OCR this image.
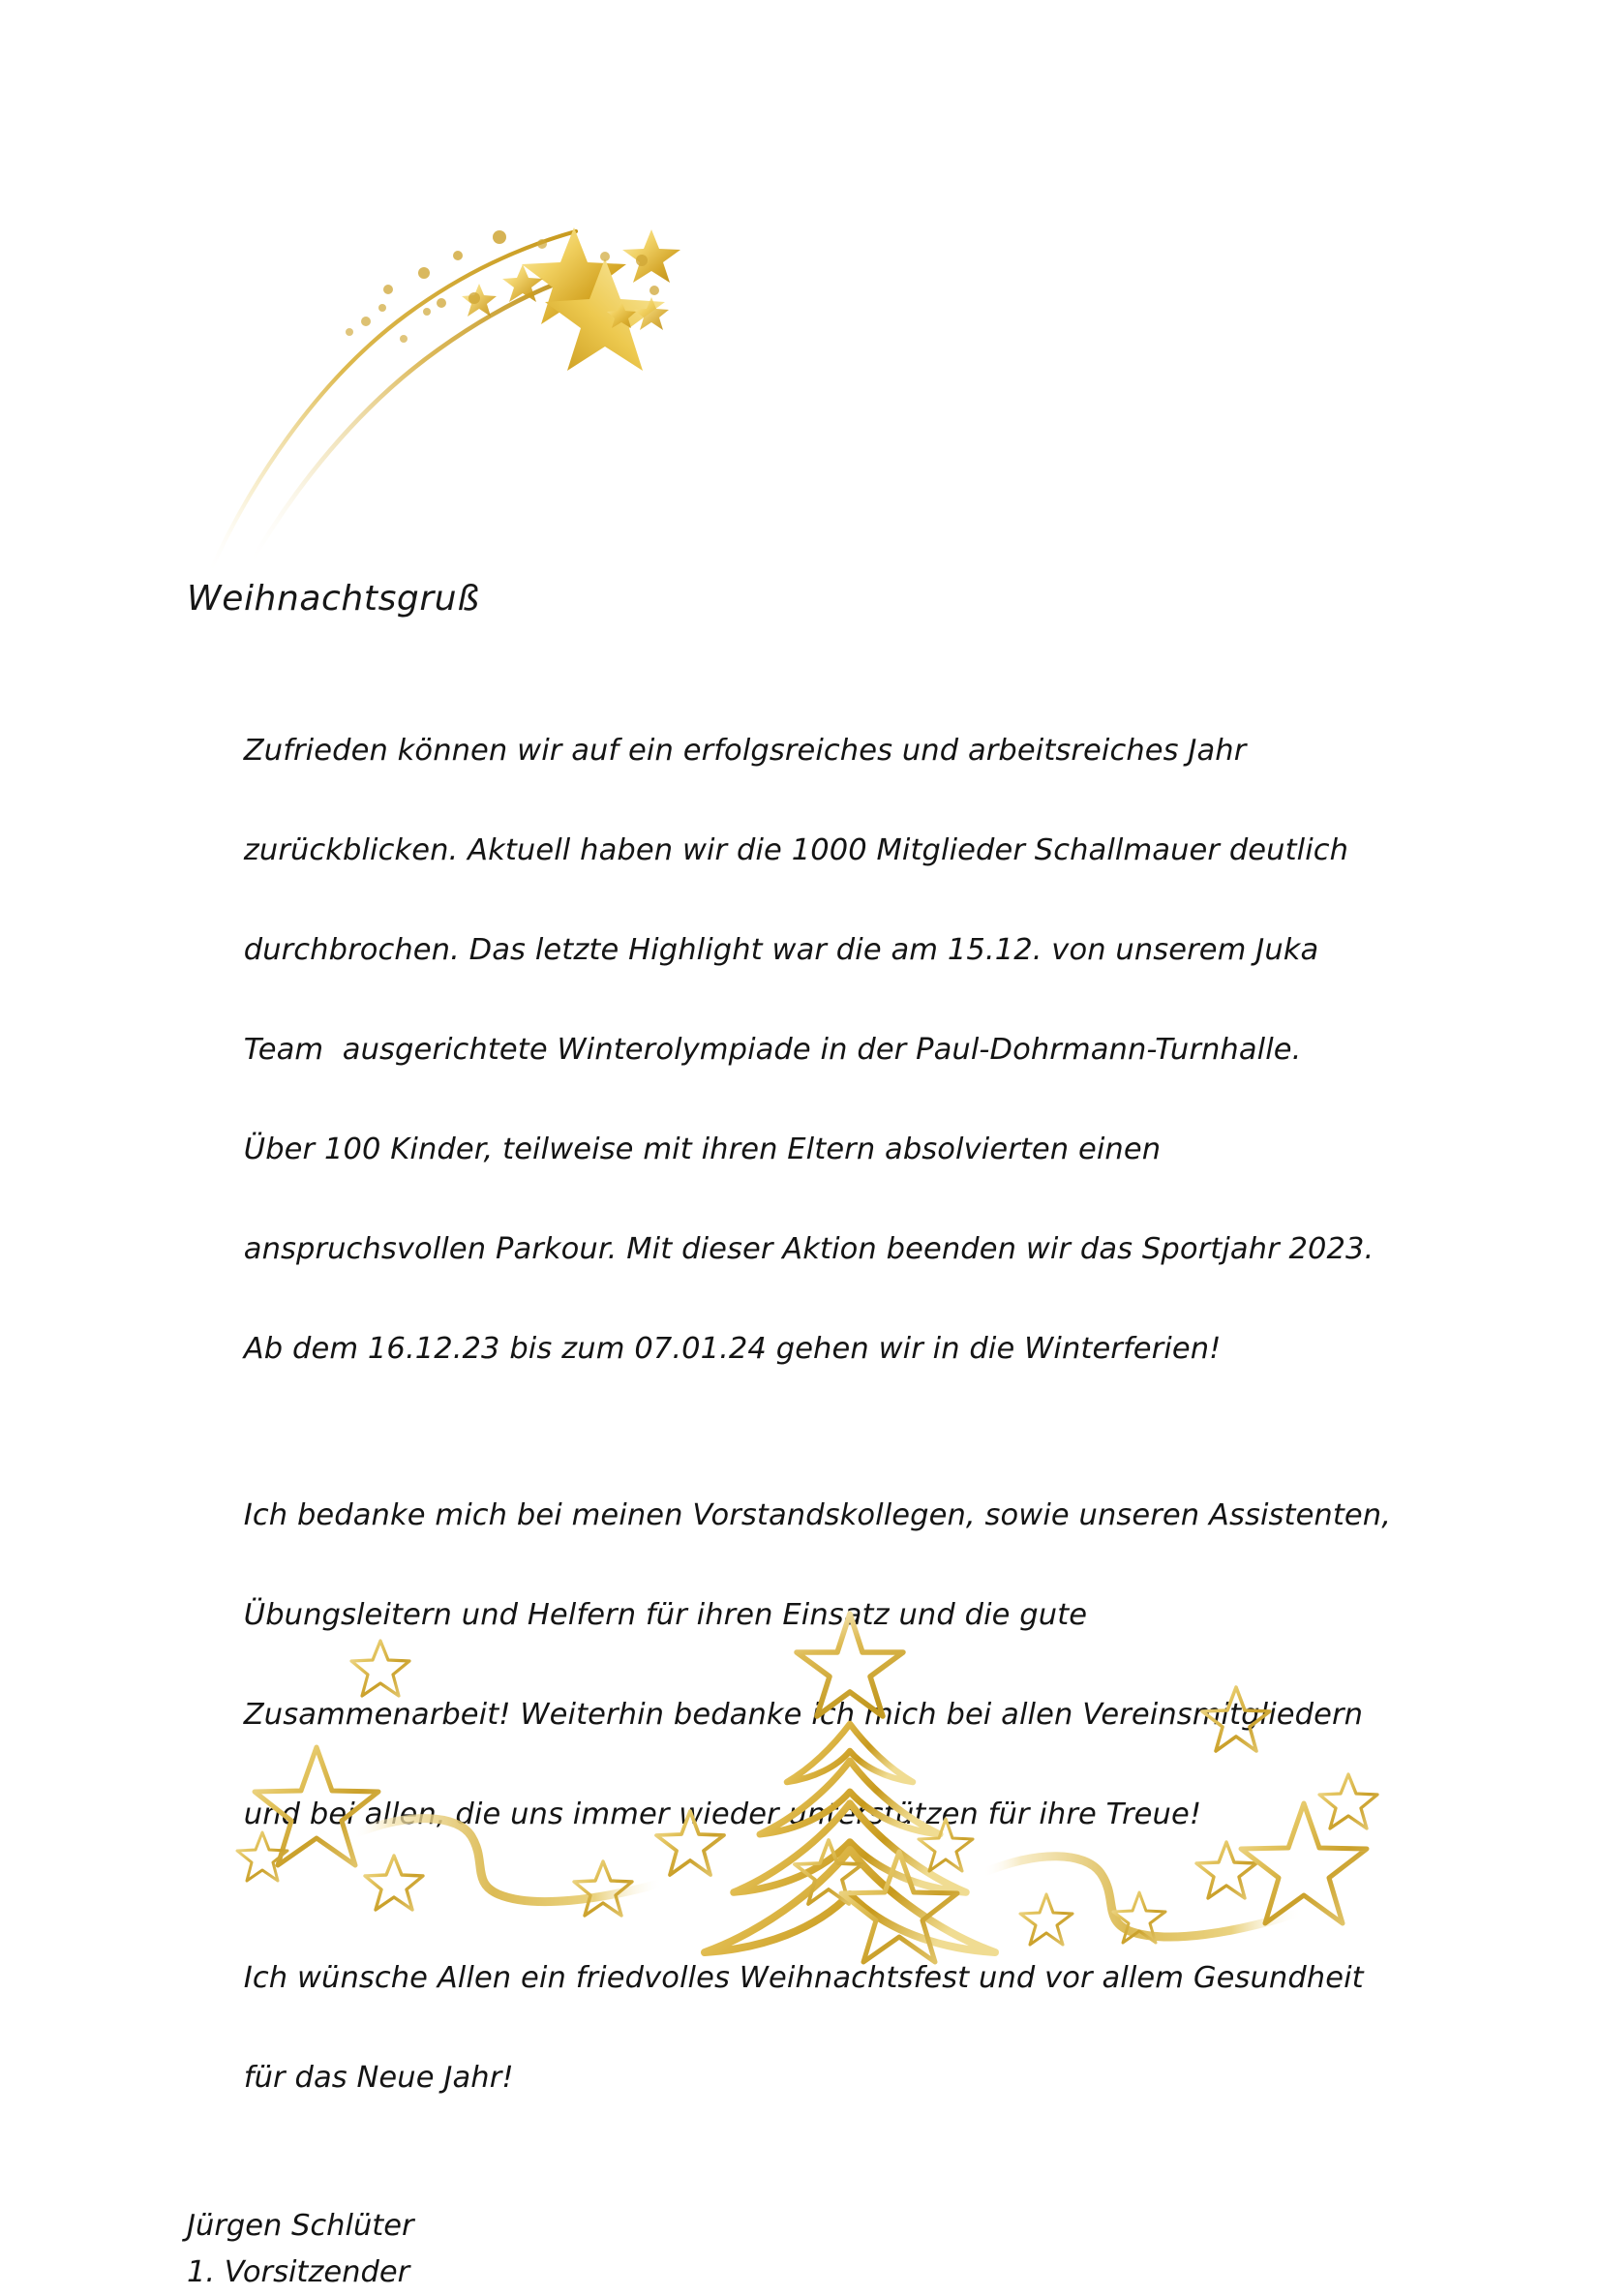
Weihnachtsgruß

Zufrieden können wir auf ein erfolgsreiches und arbeitsreiches Jahr

zurückblicken. Aktuell haben wir die 1000 Mitglieder Schallmauer deutlich

durchbrochen. Das letzte Highlight war die am 15.12. von unserem Juka

Team  ausgerichtete Winterolympiade in der Paul-Dohrmann-Turnhalle.

Über 100 Kinder, teilweise mit ihren Eltern absolvierten einen

anspruchsvollen Parkour. Mit dieser Aktion beenden wir das Sportjahr 2023.

Ab dem 16.12.23 bis zum 07.01.24 gehen wir in die Winterferien!

Ich bedanke mich bei meinen Vorstandskollegen, sowie unseren Assistenten,

Übungsleitern und Helfern für ihren Einsatz und die gute

Zusammenarbeit! Weiterhin bedanke ich mich bei allen Vereinsmitgliedern

und bei allen, die uns immer wieder unterstützen für ihre Treue!

Ich wünsche Allen ein friedvolles Weihnachtsfest und vor allem Gesundheit

für das Neue Jahr!

Jürgen Schlüter
1. Vorsitzender
